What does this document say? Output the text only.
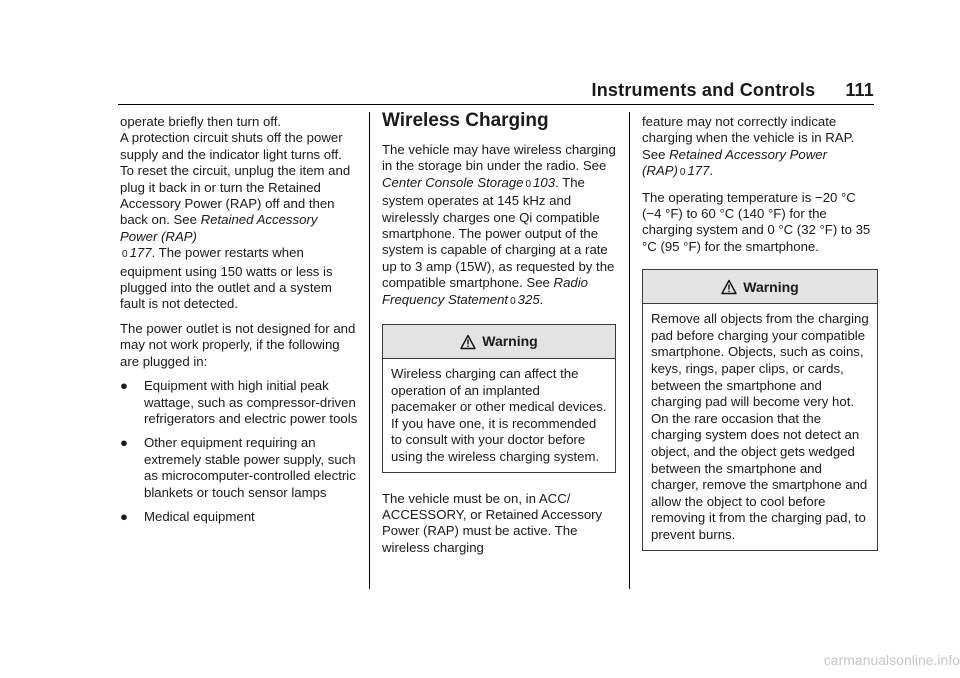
Instruments and Controls 111

operate briefly then turn off.
A protection circuit shuts off the power supply and the indicator light turns off. To reset the circuit, unplug the item and plug it back in or turn the Retained Accessory Power (RAP) off and then back on. See Retained Accessory Power (RAP)
0 177. The power restarts when equipment using 150 watts or less is plugged into the outlet and a system fault is not detected.

The power outlet is not designed for and may not work properly, if the following are plugged in:

●	Equipment with high initial peak wattage, such as compressor-driven refrigerators and electric power tools
●	Other equipment requiring an extremely stable power supply, such as microcomputer-controlled electric blankets or touch sensor lamps
●	Medical equipment
Wireless Charging

The vehicle may have wireless charging in the storage bin under the radio. See Center Console Storage 0 103. The system operates at 145 kHz and wirelessly charges one Qi compatible smartphone. The power output of the system is capable of charging at a rate up to 3 amp (15W), as requested by the compatible smartphone. See Radio Frequency Statement 0 325.

Warning
Wireless charging can affect the operation of an implanted pacemaker or other medical devices. If you have one, it is recommended to consult with your doctor before using the wireless charging system.

The vehicle must be on, in ACC/ ACCESSORY, or Retained Accessory Power (RAP) must be active. The wireless charging

feature may not correctly indicate charging when the vehicle is in RAP. See Retained Accessory Power (RAP) 0 177.

The operating temperature is −20 °C (−4 °F) to 60 °C (140 °F) for the charging system and 0 °C (32 °F) to 35 °C (95 °F) for the smartphone.

Warning
Remove all objects from the charging pad before charging your compatible smartphone. Objects, such as coins, keys, rings, paper clips, or cards, between the smartphone and charging pad will become very hot. On the rare occasion that the charging system does not detect an object, and the object gets wedged between the smartphone and charger, remove the smartphone and allow the object to cool before removing it from the charging pad, to prevent burns.
carmanualsonline.info
